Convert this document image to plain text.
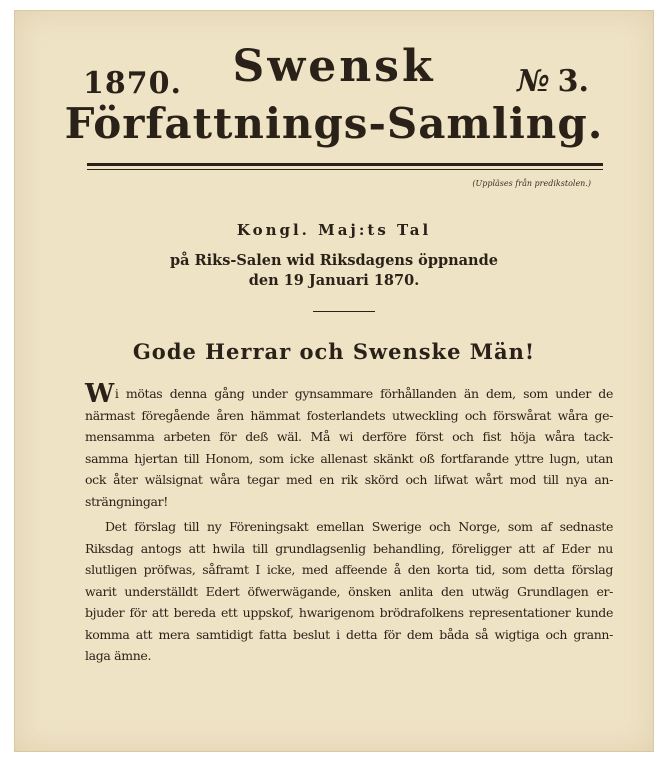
1870.	Swensk	№ 3.
Författnings-Samling.
(Uppläses från predikstolen.)
Kongl. Maj:ts Tal
på Riks-Salen wid Riksdagens öppnande
den 19 Januari 1870.
Gode Herrar och Swenske Män!
Wi mötas denna gång under gynsammare förhållanden än dem, som under de
närmast föregående åren hämmat fosterlandets utweckling och förswårat wåra ge-
mensamma arbeten för deß wäl. Må wi derföre först och fist höja wåra tack-
samma hjertan till Honom, som icke allenast skänkt oß fortfarande yttre lugn, utan
ock åter wälsignat wåra tegar med en rik skörd och lifwat wårt mod till nya an-
strängningar!
Det förslag till ny Föreningsakt emellan Swerige och Norge, som af sednaste
Riksdag antogs att hwila till grundlagsenlig behandling, föreligger att af Eder nu
slutligen pröfwas, såframt I icke, med affeende å den korta tid, som detta förslag
warit underställdt Edert öfwerwägande, önsken anlita den utwäg Grundlagen er-
bjuder för att bereda ett uppskof, hwarigenom brödrafolkens representationer kunde
komma att mera samtidigt fatta beslut i detta för dem båda så wigtiga och grann-
laga ämne.
